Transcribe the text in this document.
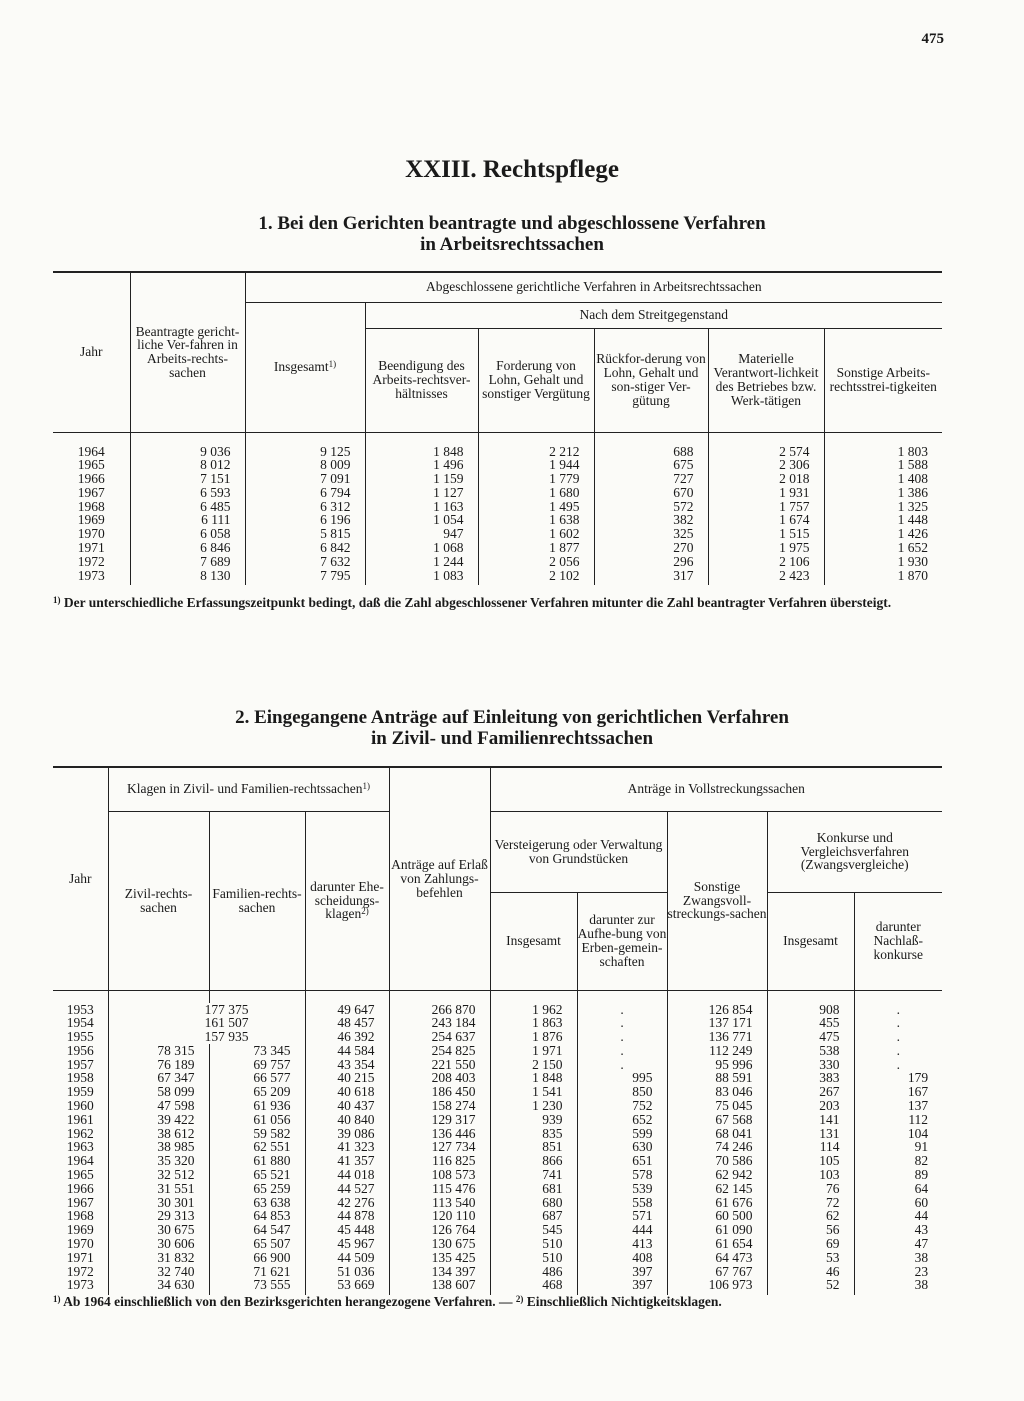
475
XXIII. Rechtspflege
1. Bei den Gerichten beantragte und abgeschlossene Verfahren
in Arbeitsrechtssachen
Jahr	Beantragte gericht-liche Ver-fahren in Arbeits-rechts-sachen	Abgeschlossene gerichtliche Verfahren in Arbeitsrechtssachen					
		Insgesamt$^{1)}$	Nach dem Streitgegenstand				
			Beendigung des Arbeits-rechtsver-hältnisses	Forderung von Lohn, Gehalt und sonstiger Vergütung	Rückfor-derung von Lohn, Gehalt und son-stiger Ver-gütung	Materielle Verantwort-lichkeit des Betriebes bzw. Werk-tätigen	Sonstige Arbeits-rechtsstrei-tigkeiten

1964	9 036	9 125	1 848	2 212	688	2 574	1 803
1965	8 012	8 009	1 496	1 944	675	2 306	1 588
1966	7 151	7 091	1 159	1 779	727	2 018	1 408
1967	6 593	6 794	1 127	1 680	670	1 931	1 386
1968	6 485	6 312	1 163	1 495	572	1 757	1 325
1969	6 111	6 196	1 054	1 638	382	1 674	1 448
1970	6 058	5 815	947	1 602	325	1 515	1 426
1971	6 846	6 842	1 068	1 877	270	1 975	1 652
1972	7 689	7 632	1 244	2 056	296	2 106	1 930
1973	8 130	7 795	1 083	2 102	317	2 423	1 870
$^{1)}$ Der unterschiedliche Erfassungszeitpunkt bedingt, daß die Zahl abgeschlossener Verfahren mitunter die Zahl beantragter Verfahren übersteigt.
2. Eingegangene Anträge auf Einleitung von gerichtlichen Verfahren
in Zivil- und Familienrechtssachen
Jahr	Klagen in Zivil- und Familien-rechtssachen$^{1)}$			Anträge auf Erlaß von Zahlungs-befehlen	Anträge in Vollstreckungssachen				
	Zivil-rechts-sachen	Familien-rechts-sachen	darunter Ehe-scheidungs-klagen$^{2)}$		Versteigerung oder Verwaltung von Grundstücken		Sonstige Zwangsvoll-streckungs-sachen	Konkurse und Vergleichsverfahren (Zwangsvergleiche)	
					Insgesamt	darunter zur Aufhe-bung von Erben-gemein-schaften		Insgesamt	darunter Nachlaß-konkurse

1953	177 375		49 647	266 870	1 962	.	126 854	908	.
1954	161 507		48 457	243 184	1 863	.	137 171	455	.
1955	157 935		46 392	254 637	1 876	.	136 771	475	.
1956	78 315	73 345	44 584	254 825	1 971	.	112 249	538	.
1957	76 189	69 757	43 354	221 550	2 150	.	95 996	330	.
1958	67 347	66 577	40 215	208 403	1 848	995	88 591	383	179
1959	58 099	65 209	40 618	186 450	1 541	850	83 046	267	167
1960	47 598	61 936	40 437	158 274	1 230	752	75 045	203	137
1961	39 422	61 056	40 840	129 317	939	652	67 568	141	112
1962	38 612	59 582	39 086	136 446	835	599	68 041	131	104
1963	38 985	62 551	41 323	127 734	851	630	74 246	114	91
1964	35 320	61 880	41 357	116 825	866	651	70 586	105	82
1965	32 512	65 521	44 018	108 573	741	578	62 942	103	89
1966	31 551	65 259	44 527	115 476	681	539	62 145	76	64
1967	30 301	63 638	42 276	113 540	680	558	61 676	72	60
1968	29 313	64 853	44 878	120 110	687	571	60 500	62	44
1969	30 675	64 547	45 448	126 764	545	444	61 090	56	43
1970	30 606	65 507	45 967	130 675	510	413	61 654	69	47
1971	31 832	66 900	44 509	135 425	510	408	64 473	53	38
1972	32 740	71 621	51 036	134 397	486	397	67 767	46	23
1973	34 630	73 555	53 669	138 607	468	397	106 973	52	38
$^{1)}$ Ab 1964 einschließlich von den Bezirksgerichten herangezogene Verfahren. — $^{2)}$ Einschließlich Nichtigkeitsklagen.
